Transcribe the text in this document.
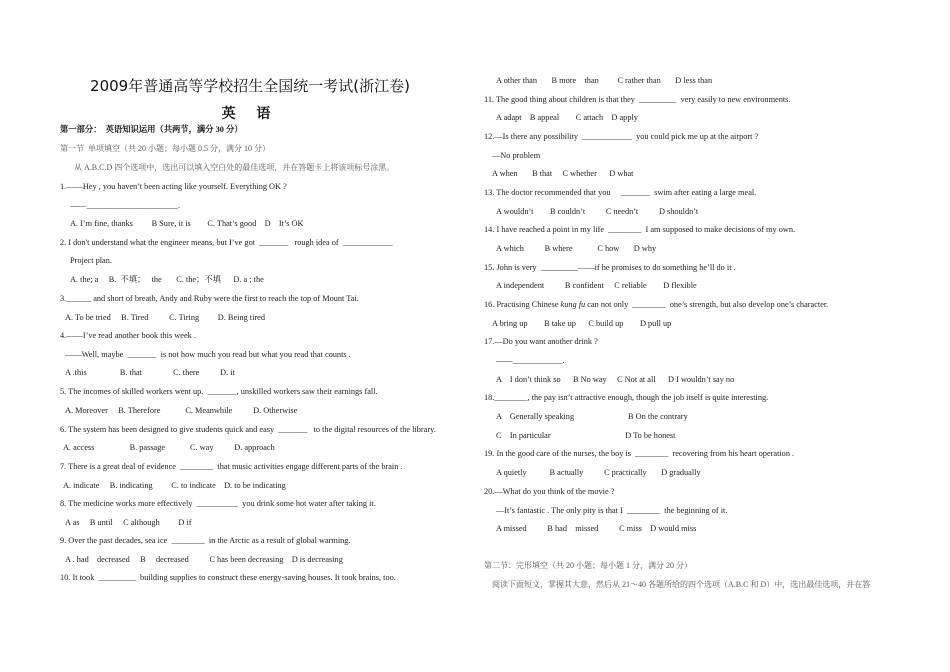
2009年普通高等学校招生全国统一考试(浙江卷)
英 语
第一部分：  英语知识运用（共两节，满分 30 分）
第一节  单项填空（共 20 小题；每小题 0.5 分，满分 10 分）
从 A.B.C.D 四个选项中，选出可以填入空白处的最佳选项，并在答题卡上将该项标号涂黑。
1.——Hey , you haven’t been acting like yourself. Everything OK ?
——______________________.
A. I’m fine, thanks         B Sure, it is        C. That’s good    D    It’s OK
2. I don't understand what the engineer means, but I’ve got  _______   rough idea of  ____________
Project plan.
A. the; a     B.  不填；   the       C. the；不填      D. a ; the
3.______ and short of breath, Andy and Ruby were the first to reach the top of Mount Tai.
A. To be tried     B. Tired          C. Tiring         D. Being tired
4.——I’ve read another book this week .
——Well, maybe  _______  is not how much you read but what you read that counts .
A .this                B. that               C. there          D. it
5. The incomes of skilled workers went up.  _______, unskilled workers saw their earnings fall.
A. Moreover     B. Therefore            C. Meanwhile          D. Otherwise
6. The system has been designed to give students quick and easy  _______   to the digital resources of the library.
A. access                 B. passage            C. way          D. approach
7. There is a great deal of evidence  ________  that music activities engage different parts of the brain .
A. indicate     B. indicating         C. to indicate    D. to be indicating
8. The medicine works more effectively  __________  you drink some hot water after taking it.
A as     B until     C although         D if
9. Over the past decades, sea ice  ________  in the Arctic as a result of global warming.
A . had    decreased     B     decreased          C has been decreasing    D is decreasing
10. It took  _________  building supplies to construct these energy-saving houses. It took brains, too.
A other than       B more    than         C rather than       D less than
11. The good thing about children is that they  _________  very easily to new environments.
A adapt    B appeal        C attach    D apply
12.—Is there any possibility  ____________  you could pick me up at the airport ?
—No problem
A when       B that     C whether      D what
13. The doctor recommended that you     _______  swim after eating a large meal.
A wouldn’t        B couldn’t          C needn’t          D shouldn’t
14. I have reached a point in my life  ________  I am supposed to make decisions of my own.
A which          B where            C how       D why
15. John is very  _________——if he promises to do something he’ll do it .
A independent          B confident     C reliable        D flexible
16. Practising Chinese kung fu can not only  ________  one’s strength, but also develop one’s character.
A bring up        B take up      C build up        D pull up
17.—Do you want another drink ?
——____________.
A    I don’t think so      B No way     C Not at all      D I wouldn’t say no
18.________, the pay isn’t attractive enough, though the job itself is quite interesting.
A    Generally speaking                          B On the contrary
C    In particular                                    D To be honest
19. In the good care of the nurses, the boy is  ________  recovering from his heart operation .
A quietly           B actually          C practically       D gradually
20.—What do you think of the movie ?
—It’s fantastic . The only pity is that I  ________  the beginning of it.
A missed          B had    missed          C miss    D would miss
第二节：完形填空（共 20 小题；每小题 1 分，满分 20 分）
阅读下面短文，掌握其大意，然后从 21～40 各题所给的四个选项（A.B.C 和 D）中，选出最佳选项，并在答
